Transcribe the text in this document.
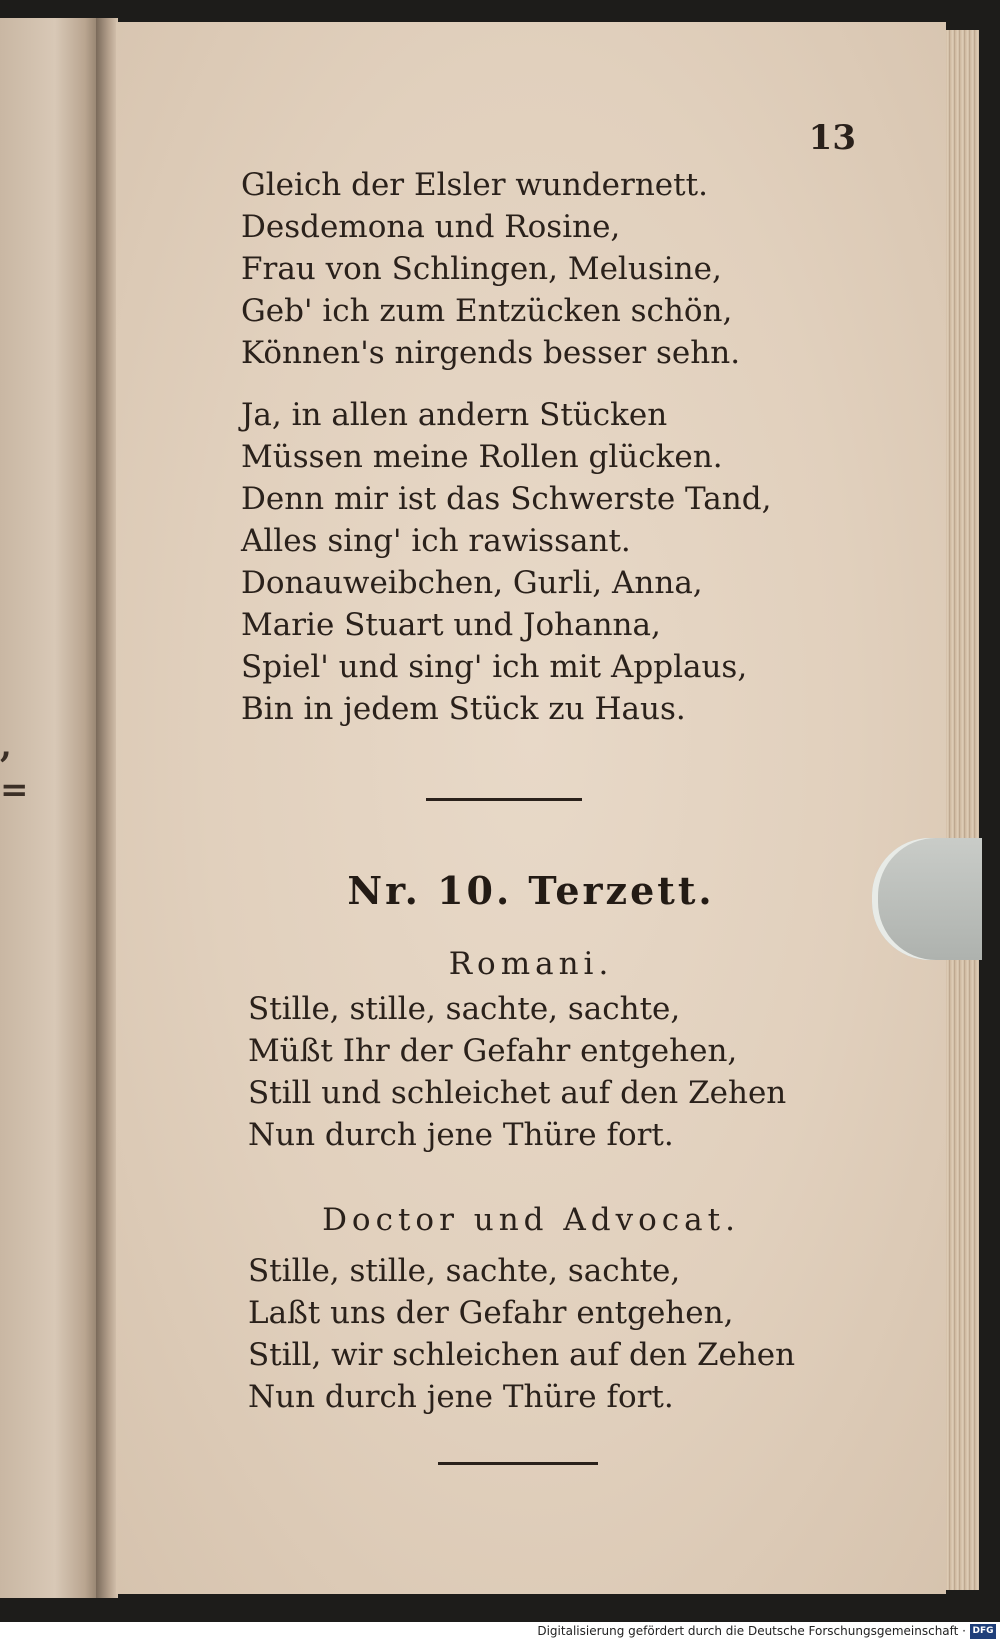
,
=
13
Gleich der Elsler wundernett.
Desdemona und Rosine,
Frau von Schlingen, Melusine,
Geb' ich zum Entzücken schön,
Können's nirgends besser sehn.
Ja, in allen andern Stücken
Müssen meine Rollen glücken.
Denn mir ist das Schwerste Tand,
Alles sing' ich rawissant.
Donauweibchen, Gurli, Anna,
Marie Stuart und Johanna,
Spiel' und sing' ich mit Applaus,
Bin in jedem Stück zu Haus.
Nr. 10. Terzett.
Romani.
Stille, stille, sachte, sachte,
Müßt Ihr der Gefahr entgehen,
Still und schleichet auf den Zehen
Nun durch jene Thüre fort.
Doctor und Advocat.
Stille, stille, sachte, sachte,
Laßt uns der Gefahr entgehen,
Still, wir schleichen auf den Zehen
Nun durch jene Thüre fort.
Digitalisierung gefördert durch die Deutsche Forschungsgemeinschaft · DFG
